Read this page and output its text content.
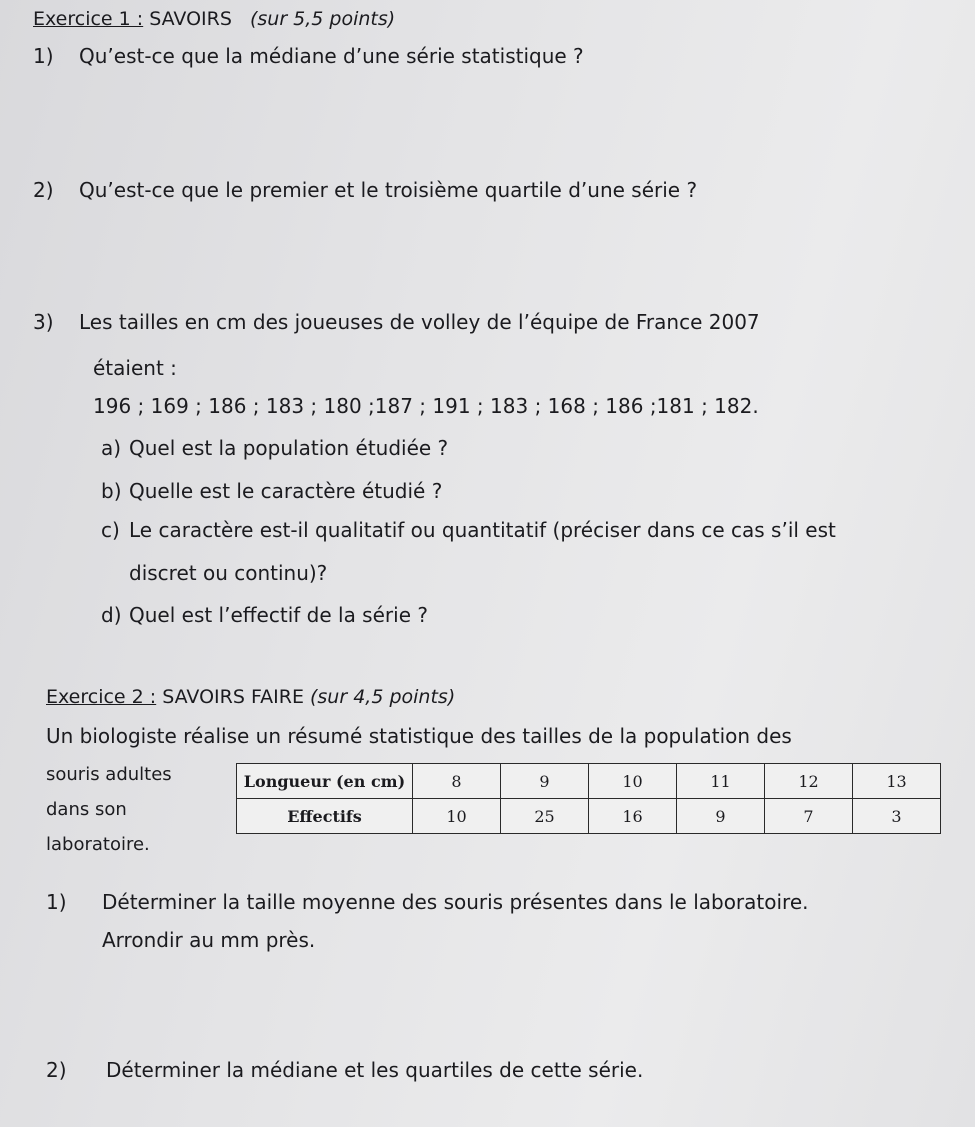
Exercice 1 : SAVOIRS (sur 5,5 points)
1) Qu’est-ce que la médiane d’une série statistique ?
2) Qu’est-ce que le premier et le troisième quartile d’une série ?
3) Les tailles en cm des joueuses de volley de l’équipe de France 2007
étaient :
196 ; 169 ; 186 ; 183 ; 180 ;187 ; 191 ; 183 ; 168 ; 186 ;181 ; 182.
a) Quel est la population étudiée ?
b) Quelle est le caractère étudié ?
c) Le caractère est-il qualitatif ou quantitatif (préciser dans ce cas s’il est
discret ou continu)?
d) Quel est l’effectif de la série ?
Exercice 2 : SAVOIRS FAIRE (sur 4,5 points)
Un biologiste réalise un résumé statistique des tailles de la population des
souris adultes
dans son
laboratoire.
Longueur (en cm)	8	9	10	11	12	13
Effectifs	10	25	16	9	7	3
1) Déterminer la taille moyenne des souris présentes dans le laboratoire.
Arrondir au mm près.
2) Déterminer la médiane et les quartiles de cette série.
